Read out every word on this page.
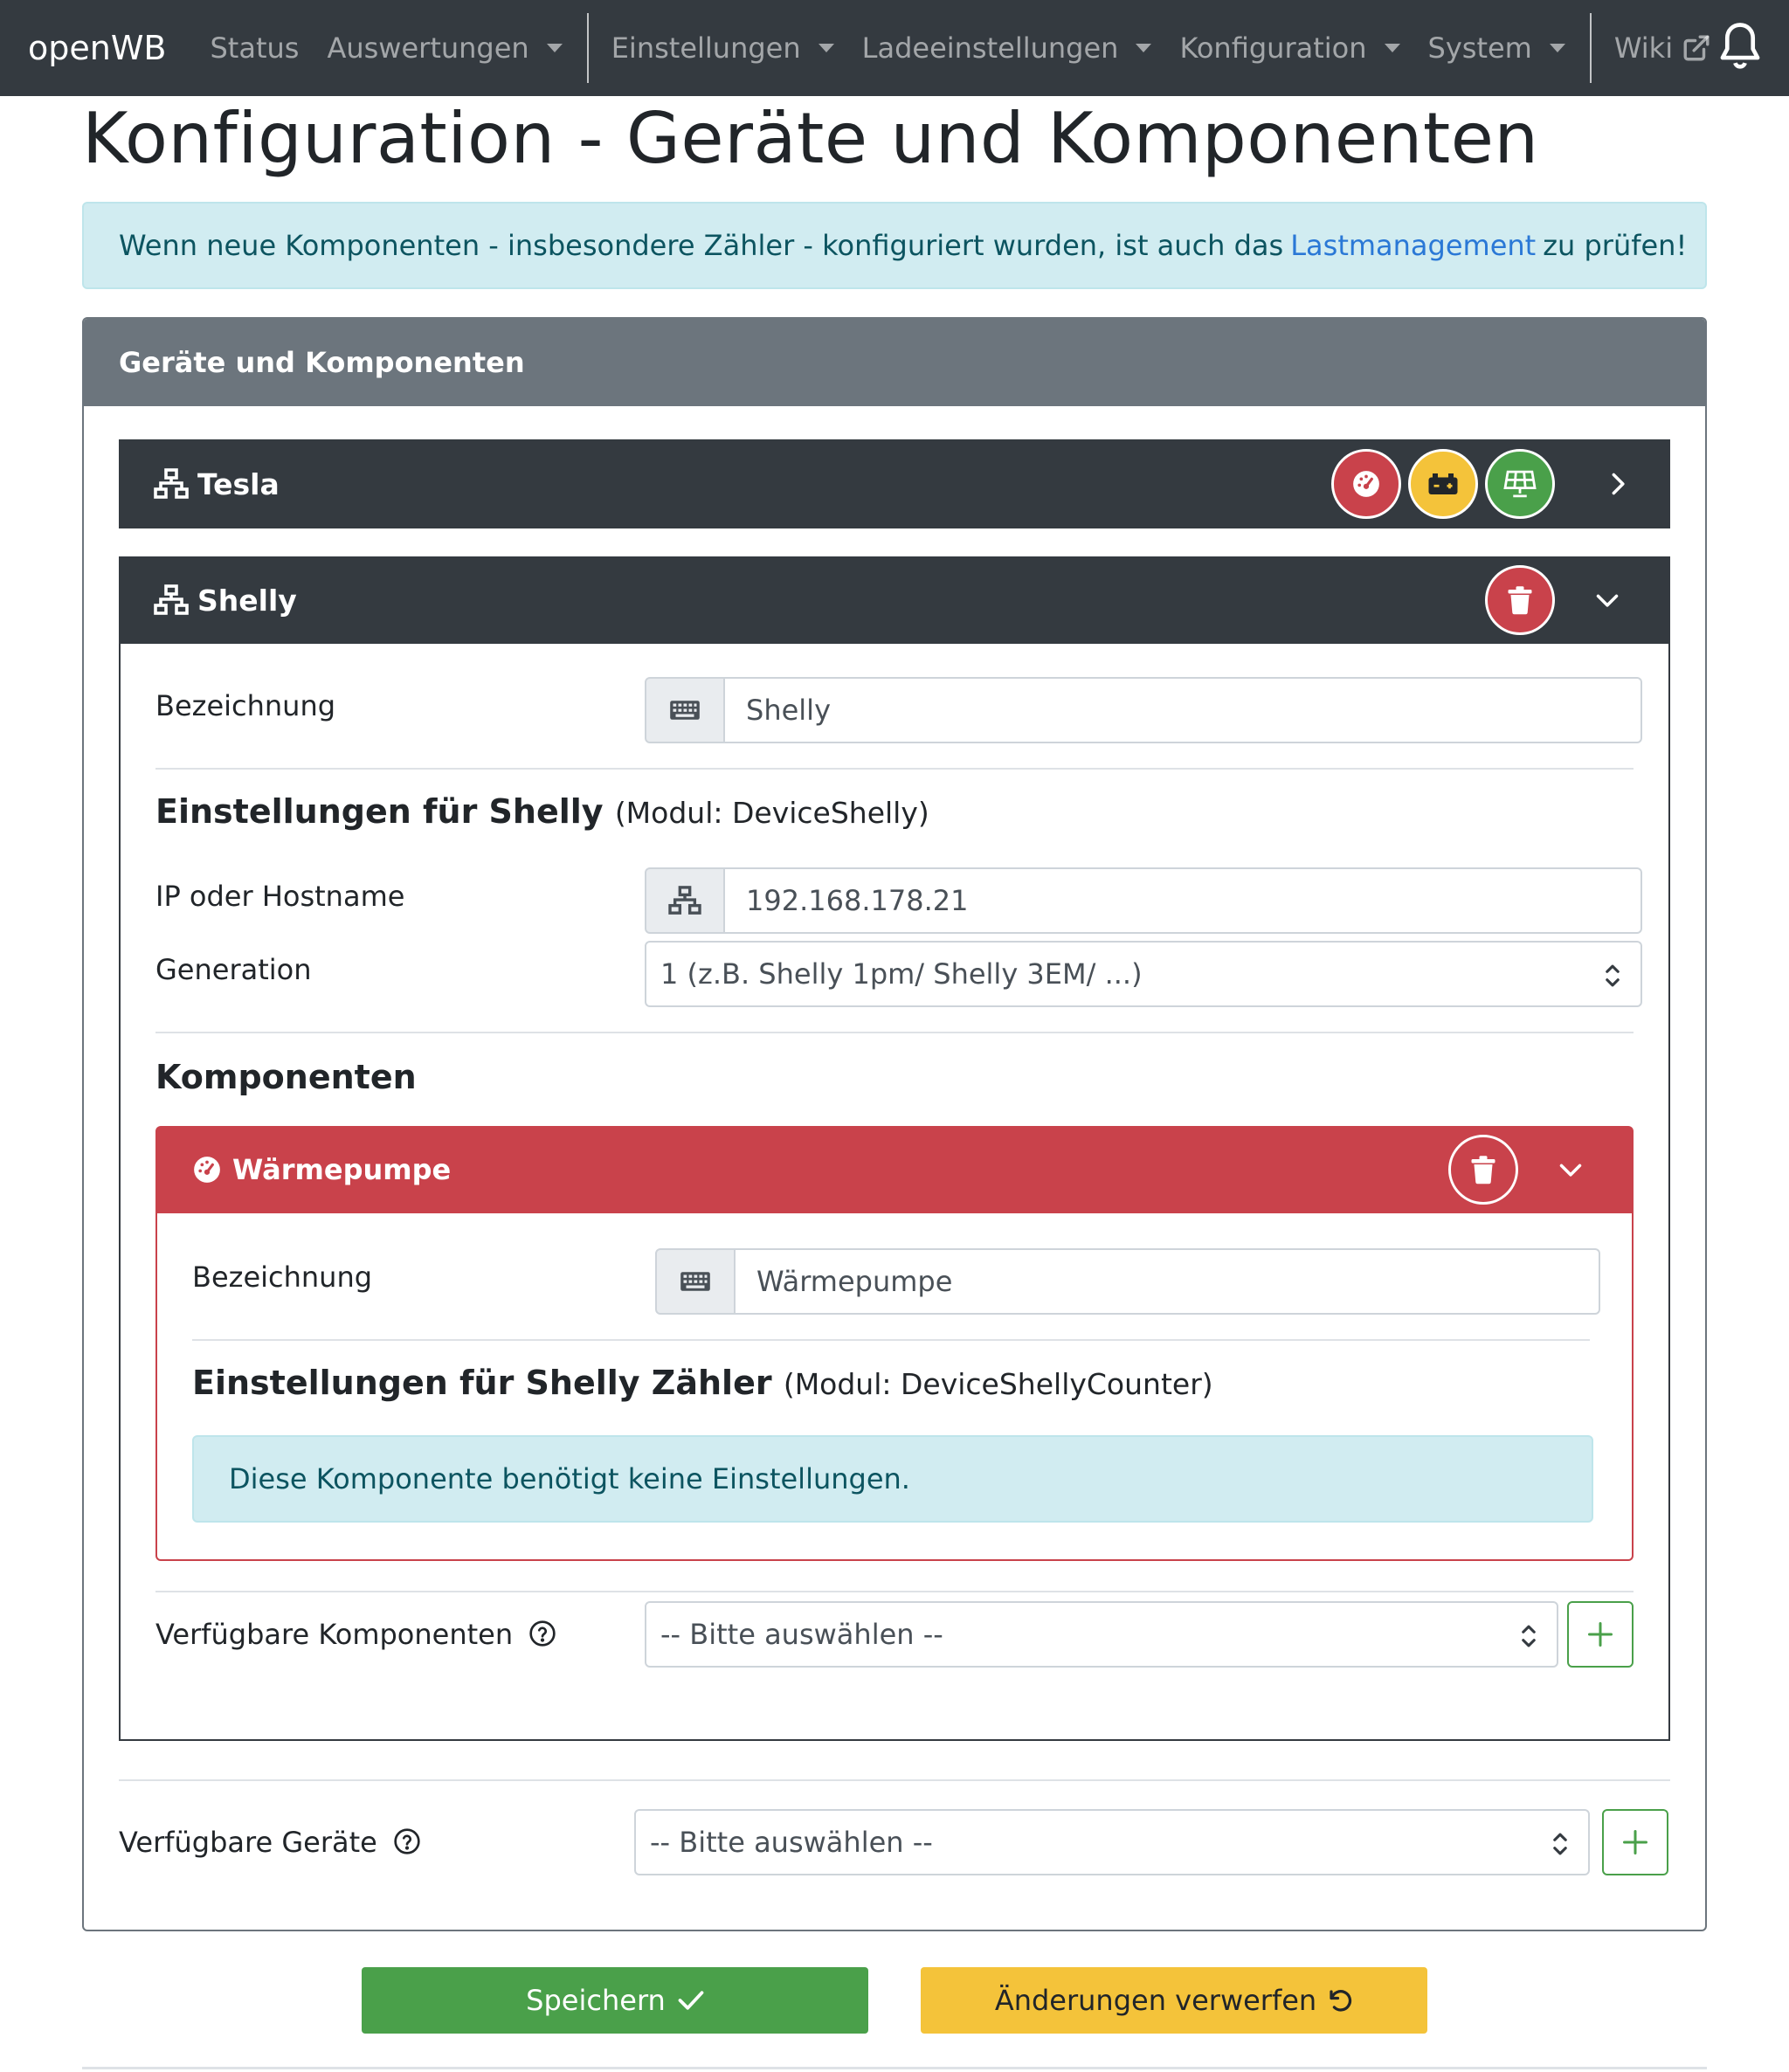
openWB Status Auswertungen	Einstellungen Ladeeinstellungen Konfiguration System	Wiki
Konfiguration - Geräte und Komponenten
Wenn neue Komponenten - insbesondere Zähler - konfiguriert wurden, ist auch das Lastmanagement zu prüfen!
Geräte und Komponenten
Tesla
Shelly
Bezeichnung	Shelly
Einstellungen für Shelly (Modul: DeviceShelly)
IP oder Hostname	192.168.178.21
Generation	1 (z.B. Shelly 1pm/ Shelly 3EM/ ...)
Komponenten
Wärmepumpe
Bezeichnung	Wärmepumpe
Einstellungen für Shelly Zähler (Modul: DeviceShellyCounter)
Diese Komponente benötigt keine Einstellungen.
Verfügbare Komponenten	-- Bitte auswählen --
Verfügbare Geräte	-- Bitte auswählen --
Speichern	Änderungen verwerfen
